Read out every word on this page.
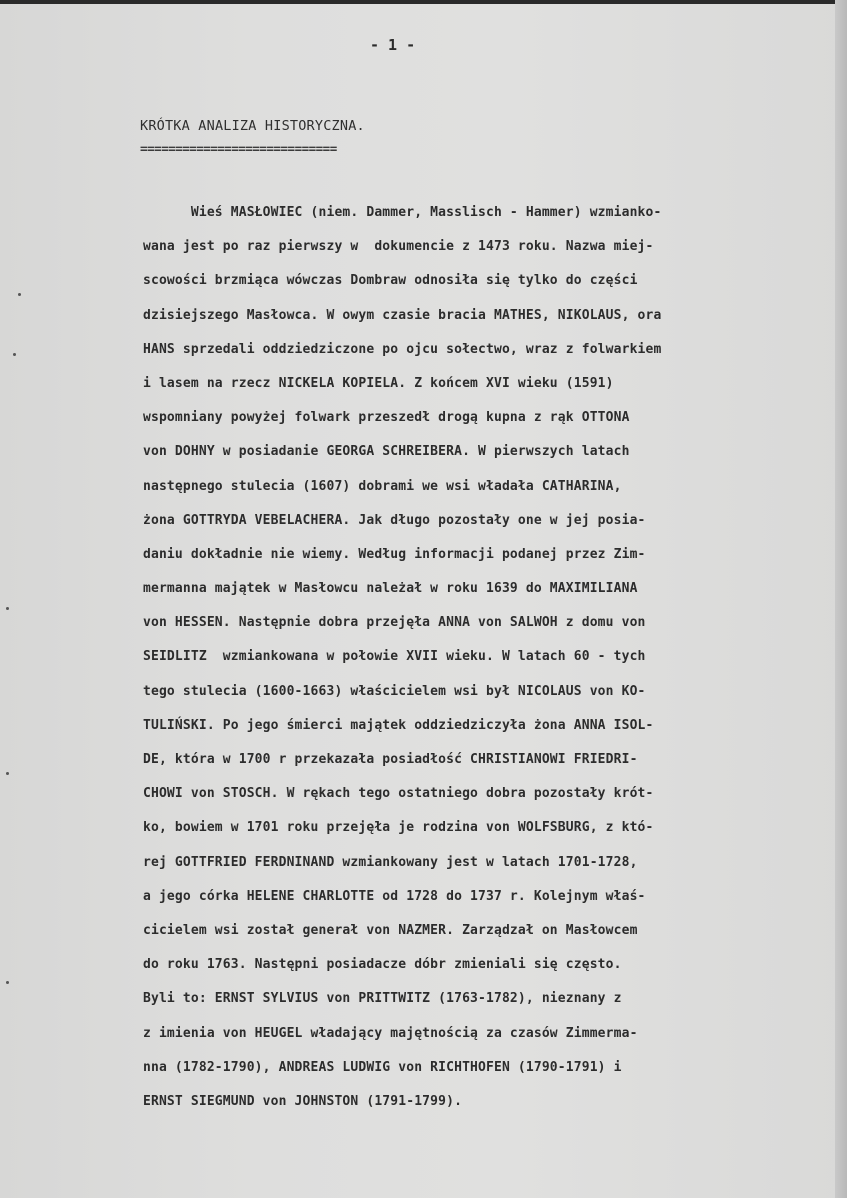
- 1 -
KRÓTKA ANALIZA HISTORYCZNA.
============================
Wieś MASŁOWIEC (niem. Dammer, Masslisch - Hammer) wzmianko-
wana jest po raz pierwszy w  dokumencie z 1473 roku. Nazwa miej-
scowości brzmiąca wówczas Dombraw odnosiła się tylko do części
dzisiejszego Masłowca. W owym czasie bracia MATHES, NIKOLAUS, ora
HANS sprzedali oddziedziczone po ojcu sołectwo, wraz z folwarkiem
i lasem na rzecz NICKELA KOPIELA. Z końcem XVI wieku (1591)
wspomniany powyżej folwark przeszedł drogą kupna z rąk OTTONA
von DOHNY w posiadanie GEORGA SCHREIBERA. W pierwszych latach
następnego stulecia (1607) dobrami we wsi władała CATHARINA,
żona GOTTRYDA VEBELACHERA. Jak długo pozostały one w jej posia-
daniu dokładnie nie wiemy. Według informacji podanej przez Zim-
mermanna majątek w Masłowcu należał w roku 1639 do MAXIMILIANA
von HESSEN. Następnie dobra przejęła ANNA von SALWOH z domu von
SEIDLITZ  wzmiankowana w połowie XVII wieku. W latach 60 - tych
tego stulecia (1600-1663) właścicielem wsi był NICOLAUS von KO-
TULIŃSKI. Po jego śmierci majątek oddziedziczyła żona ANNA ISOL-
DE, która w 1700 r przekazała posiadłość CHRISTIANOWI FRIEDRI-
CHOWI von STOSCH. W rękach tego ostatniego dobra pozostały krót-
ko, bowiem w 1701 roku przejęła je rodzina von WOLFSBURG, z któ-
rej GOTTFRIED FERDNINAND wzmiankowany jest w latach 1701-1728,
a jego córka HELENE CHARLOTTE od 1728 do 1737 r. Kolejnym właś-
cicielem wsi został generał von NAZMER. Zarządzał on Masłowcem
do roku 1763. Następni posiadacze dóbr zmieniali się często.
Byli to: ERNST SYLVIUS von PRITTWITZ (1763-1782), nieznany z
z imienia von HEUGEL władający majętnością za czasów Zimmerma-
nna (1782-1790), ANDREAS LUDWIG von RICHTHOFEN (1790-1791) i
ERNST SIEGMUND von JOHNSTON (1791-1799).
